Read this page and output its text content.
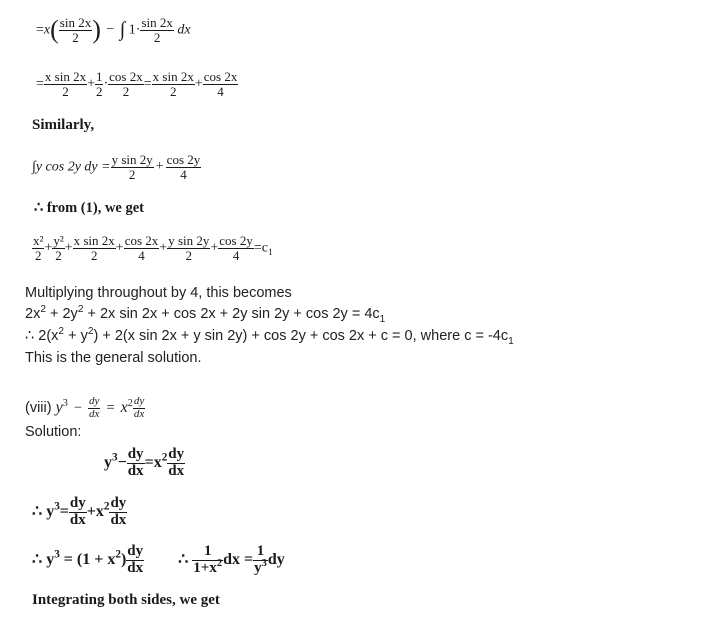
$=x( \frac{\sin 2x}{2}$ ) − ∫ $1\cdot \frac{\sin 2x}{2}$ dx
= $\frac{\text{x sin 2x}}{2} + \frac{1}{2} \cdot \frac{\cos 2x}{2} = \frac{\text{x sin 2x}}{2} + \frac{\cos 2x}{4}$
Similarly,
∫y cos 2y dy = $\frac{\text{y sin 2y}}{2} + \frac{\cos 2y}{4}$
∴ from (1), we get
$\frac{\text{x²}}{2} + \frac{\text{y²}}{2} + \frac{\text{x sin 2x}}{2} + \frac{\cos 2x}{4} + \frac{\text{y sin 2y}}{2} + \frac{\cos 2y}{4} =c_1$
Multiplying throughout by 4, this becomes
$2x^2 + 2y^2 + 2x$ sin 2x + cos 2x + 2y $\sin 2y + \cos 2y = 4c_1$
∴ $2(x^2 + y^2) + 2(x$ sin 2x + y sin 2y) + cos 2y + cos 2x + c = 0, where $c = -4c_1$
This is the general solution.
(viii) $y^3 - \frac{dy}{dx} = x^2 \frac{dy}{dx}$
Solution:
$y^3- \frac{dy}{dx} =x^2 \frac{dy}{dx}$
∴ $y^3= \frac{dy}{dx} +x^2 \frac{dy}{dx}$
∴ $y^3 = (1 + x^2) \frac{dy}{dx}$ ∴ $\frac{1}{1+x^2}$ dx = $\frac{1}{y^3}$ dy
Integrating both sides, we get
